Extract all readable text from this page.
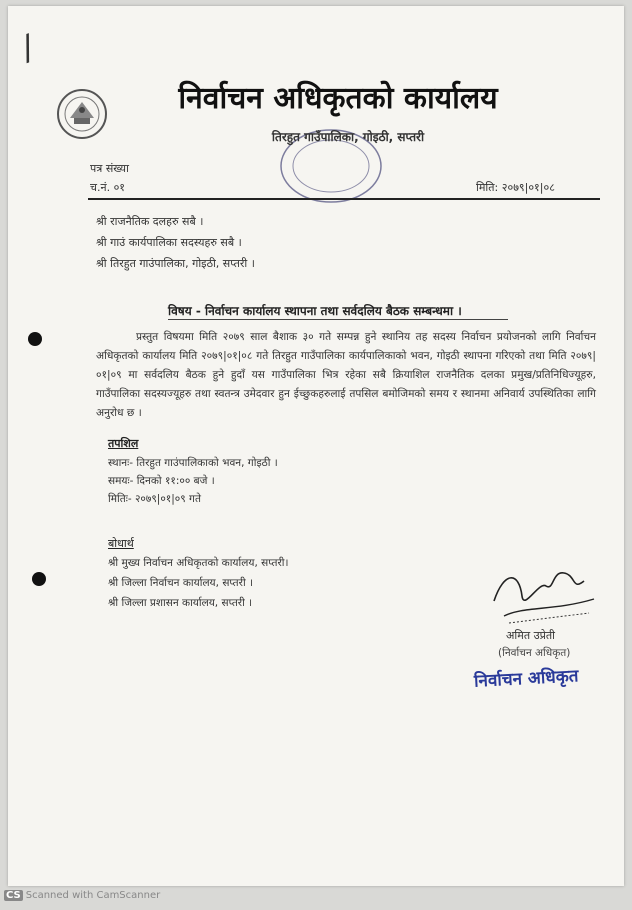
/
निर्वाचन अधिकृतको कार्यालय
तिरहुत गाउँपालिका, गोइठी, सप्तरी
पत्र संख्या
च.नं. ०१	मिति: २०७९|०१|०८
श्री राजनैतिक दलहरु सबै ।
श्री गाउं कार्यपालिका सदस्यहरु सबै ।
श्री तिरहुत गाउंपालिका, गोइठी, सप्तरी ।
विषय - निर्वाचन कार्यालय स्थापना तथा सर्वदलिय बैठक सम्बन्धमा ।
प्रस्तुत विषयमा मिति २०७९ साल बैशाक ३० गते सम्पन्न हुने स्थानिय तह सदस्य निर्वाचन प्रयोजनको लागि निर्वाचन अधिकृतको कार्यालय मिति २०७९|०१|०८ गते तिरहुत गाउँपालिका कार्यपालिकाको भवन, गोइठी स्थापना गरिएको तथा मिति २०७९|०१|०९ मा सर्वदलिय बैठक हुने हुदाँ यस गाउँपालिका भित्र रहेका सबै क्रियाशिल राजनैतिक दलका प्रमुख/प्रतिनिधिज्यूहरु, गाउँपालिका सदस्यज्यूहरु तथा स्वतन्त्र उमेदवार हुन ईच्छुकहरुलाई तपसिल बमोजिमको समय र स्थानमा अनिवार्य उपस्थितिका लागि अनुरोध छ ।
तपशिल
स्थानः- तिरहुत गाउंपालिकाको भवन, गोइठी ।
समयः- दिनको ११:०० बजे ।
मितिः- २०७९|०१|०९ गते
बोधार्थ
श्री मुख्य निर्वाचन अधिकृतको कार्यालय, सप्तरी।
श्री जिल्ला निर्वाचन कार्यालय, सप्तरी ।
श्री जिल्ला प्रशासन कार्यालय, सप्तरी ।
अमित उप्रेती
(निर्वाचन अधिकृत)
निर्वाचन अधिकृत
CS Scanned with CamScanner
